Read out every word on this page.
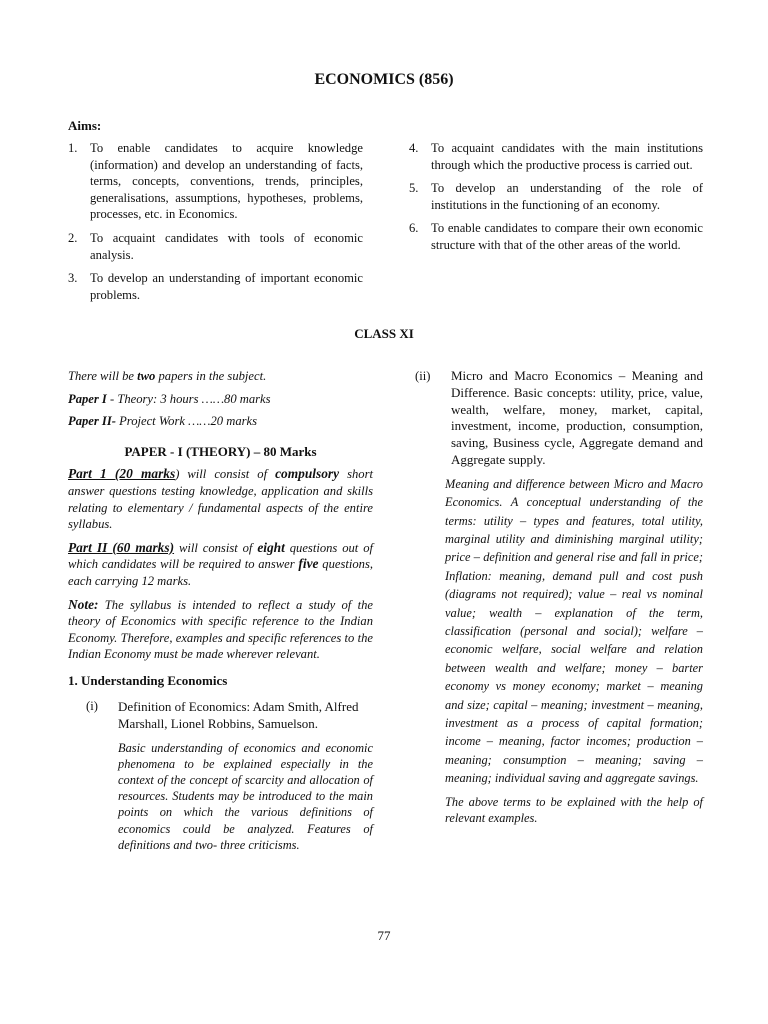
ECONOMICS (856)
Aims:
1. To enable candidates to acquire knowledge (information) and develop an understanding of facts, terms, concepts, conventions, trends, principles, generalisations, assumptions, hypotheses, problems, processes, etc. in Economics.
2. To acquaint candidates with tools of economic analysis.
3. To develop an understanding of important economic problems.
4. To acquaint candidates with the main institutions through which the productive process is carried out.
5. To develop an understanding of the role of institutions in the functioning of an economy.
6. To enable candidates to compare their own economic structure with that of the other areas of the world.
CLASS XI

There will be two papers in the subject.

Paper I - Theory: 3 hours ……80 marks

Paper II- Project Work ……20 marks

PAPER - I (THEORY) – 80 Marks

Part 1 (20 marks) will consist of compulsory short answer questions testing knowledge, application and skills relating to elementary / fundamental aspects of the entire syllabus.

Part II (60 marks) will consist of eight questions out of which candidates will be required to answer five questions, each carrying 12 marks.

Note: The syllabus is intended to reflect a study of the theory of Economics with specific reference to the Indian Economy. Therefore, examples and specific references to the Indian Economy must be made wherever relevant.

1. Understanding Economics
(i)	Definition of Economics: Adam Smith, Alfred Marshall, Lionel Robbins, Samuelson.
Basic understanding of economics and economic phenomena to be explained especially in the context of the concept of scarcity and allocation of resources. Students may be introduced to the main points on which the various definitions of economics could be analyzed. Features of definitions and two- three criticisms.
(ii)	Micro and Macro Economics – Meaning and Difference. Basic concepts: utility, price, value, wealth, welfare, money, market, capital, investment, income, production, consumption, saving, Business cycle, Aggregate demand and Aggregate supply.
Meaning and difference between Micro and Macro Economics. A conceptual understanding of the terms: utility – types and features, total utility, marginal utility and diminishing marginal utility; price – definition and general rise and fall in price; Inflation: meaning, demand pull and cost push (diagrams not required); value – real vs nominal value; wealth – explanation of the term, classification (personal and social); welfare – economic welfare, social welfare and relation between wealth and welfare; money – barter economy vs money economy; market – meaning and size; capital – meaning; investment – meaning, investment as a process of capital formation; income – meaning, factor incomes; production – meaning; consumption – meaning; saving – meaning; individual saving and aggregate savings.
The above terms to be explained with the help of relevant examples.
77
